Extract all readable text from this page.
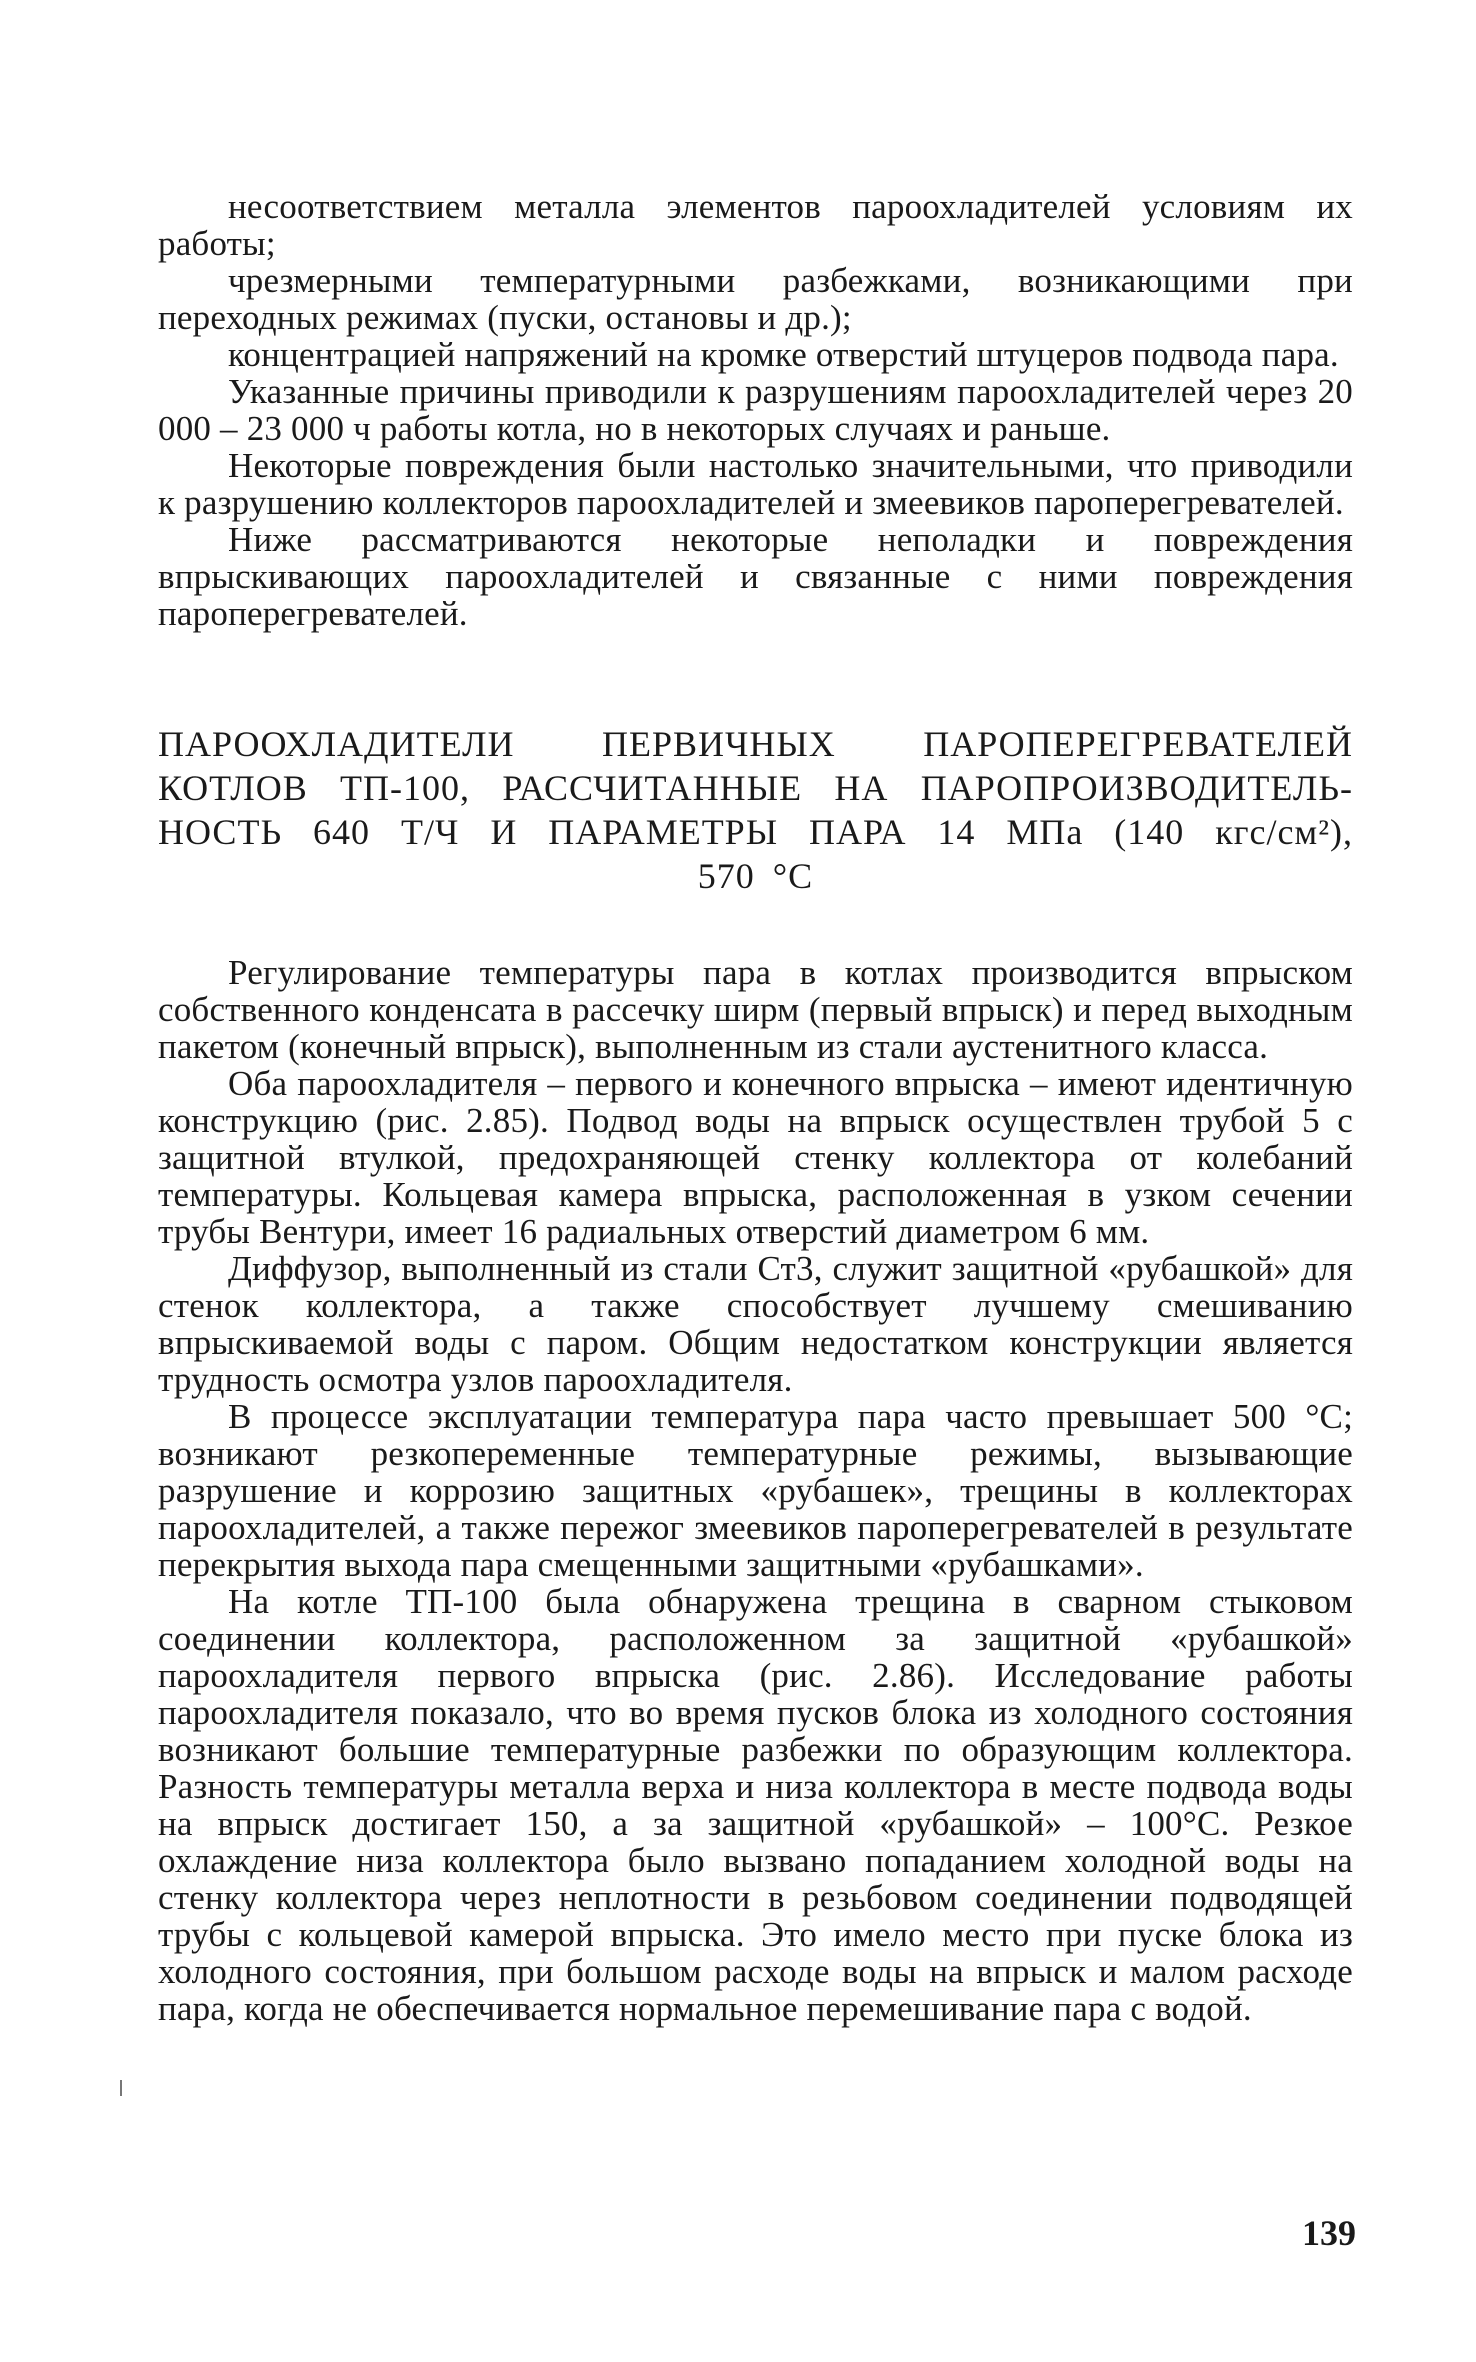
несоответствием металла элементов пароохладителей условиям их работы;

чрезмерными температурными разбежками, возникающими при переходных режимах (пуски, остановы и др.);

концентрацией напряжений на кромке отверстий штуцеров подвода пара.

Указанные причины приводили к разрушениям пароохладителей через 20 000 – 23 000 ч работы котла, но в некоторых случаях и раньше.

Некоторые повреждения были настолько значительными, что приводили к разрушению коллекторов пароохладителей и змеевиков пароперегревателей.

Ниже рассматриваются некоторые неполадки и повреждения впрыскивающих пароохладителей и связанные с ними повреждения пароперегревателей.

ПАРООХЛАДИТЕЛИ ПЕРВИЧНЫХ ПАРОПЕРЕГРЕВАТЕЛЕЙ
КОТЛОВ ТП-100, РАССЧИТАННЫЕ НА ПАРОПРОИЗВОДИТЕЛЬ-
НОСТЬ 640 Т/Ч И ПАРАМЕТРЫ ПАРА 14 МПа (140 кгс/см²),
570 °С

Регулирование температуры пара в котлах производится впрыском собственного конденсата в рассечку ширм (первый впрыск) и перед выходным пакетом (конечный впрыск), выполненным из стали аустенитного класса.

Оба пароохладителя – первого и конечного впрыска – имеют идентичную конструкцию (рис. 2.85). Подвод воды на впрыск осуществлен трубой 5 с защитной втулкой, предохраняющей стенку коллектора от колебаний температуры. Кольцевая камера впрыска, расположенная в узком сечении трубы Вентури, имеет 16 радиальных отверстий диаметром 6 мм.

Диффузор, выполненный из стали Ст3, служит защитной «рубашкой» для стенок коллектора, а также способствует лучшему смешиванию впрыскиваемой воды с паром. Общим недостатком конструкции является трудность осмотра узлов пароохладителя.

В процессе эксплуатации температура пара часто превышает 500 °С; возникают резкопеременные температурные режимы, вызывающие разрушение и коррозию защитных «рубашек», трещины в коллекторах пароохладителей, а также пережог змеевиков пароперегревателей в результате перекрытия выхода пара смещенными защитными «рубашками».

На котле ТП-100 была обнаружена трещина в сварном стыковом соединении коллектора, расположенном за защитной «рубашкой» пароохладителя первого впрыска (рис. 2.86). Исследование работы пароохладителя показало, что во время пусков блока из холодного состояния возникают большие температурные разбежки по образующим коллектора. Разность температуры металла верха и низа коллектора в месте подвода воды на впрыск достигает 150, а за защитной «рубашкой» – 100°С. Резкое охлаждение низа коллектора было вызвано попаданием холодной воды на стенку коллектора через неплотности в резьбовом соединении подводящей трубы с кольцевой камерой впрыска. Это имело место при пуске блока из холодного состояния, при большом расходе воды на впрыск и малом расходе пара, когда не обеспечивается нормальное перемешивание пара с водой.

139
